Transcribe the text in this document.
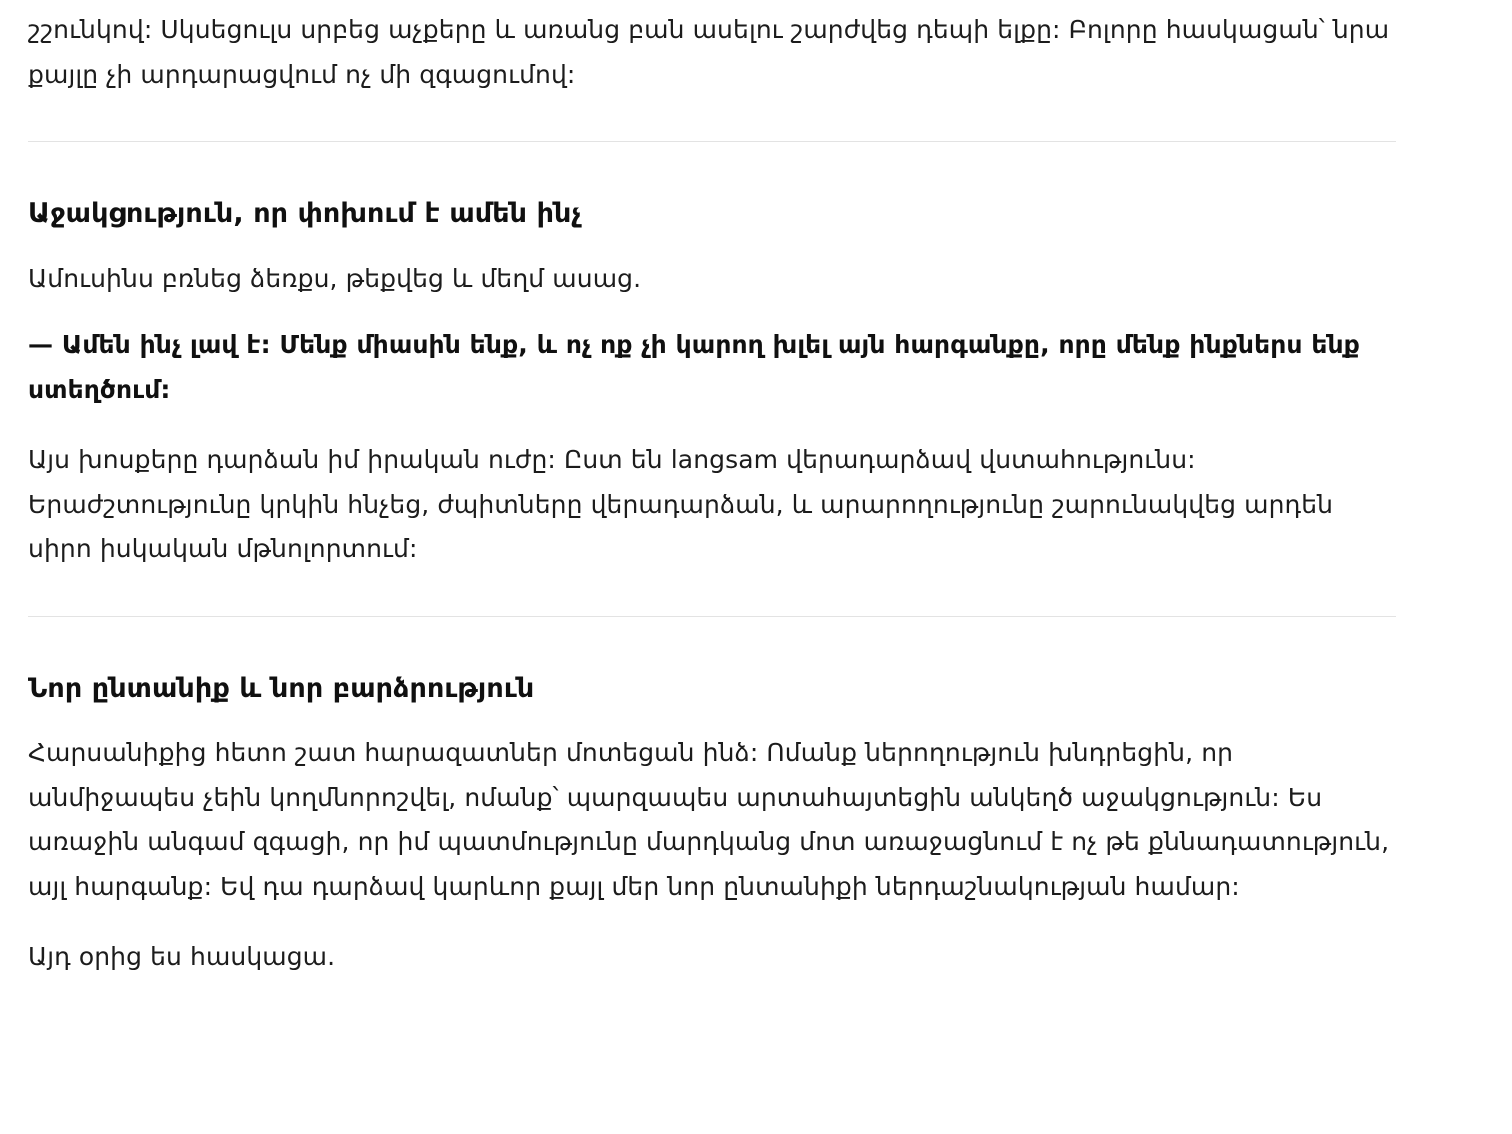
շշունկով: Սկսեցուլս սրբեց աչքերը և առանց բան ասելու շարժվեց դեպի ելքը: Բոլորը հասկացան՝ նրա քայլը չի արդարացվում ոչ մի զգացումով:

Աջակցություն, որ փոխում է ամեն ինչ

Ամուսինս բռնեց ձեռքս, թեքվեց և մեղմ ասաց.

— Ամեն ինչ լավ է: Մենք միասին ենք, և ոչ ոք չի կարող խլել այն հարգանքը, որը մենք ինքներս ենք ստեղծում:

Այս խոսքերը դարձան իմ իրական ուժը: Ըստ են langsam վերադարձավ վստահությունս: Երաժշտությունը կրկին հնչեց, ժպիտները վերադարձան, և արարողությունը շարունակվեց արդեն սիրո իսկական մթնոլորտում:

Նոր ընտանիք և նոր բարձրություն

Հարսանիքից հետո շատ հարազատներ մոտեցան ինձ: Ոմանք ներողություն խնդրեցին, որ անմիջապես չեին կողմնորոշվել, ոմանք՝ պարզապես արտահայտեցին անկեղծ աջակցություն: Ես առաջին անգամ զգացի, որ իմ պատմությունը մարդկանց մոտ առաջացնում է ոչ թե քննադատություն, այլ հարգանք: Եվ դա դարձավ կարևոր քայլ մեր նոր ընտանիքի ներդաշնակության համար:

Այդ օրից ես հասկացա.
